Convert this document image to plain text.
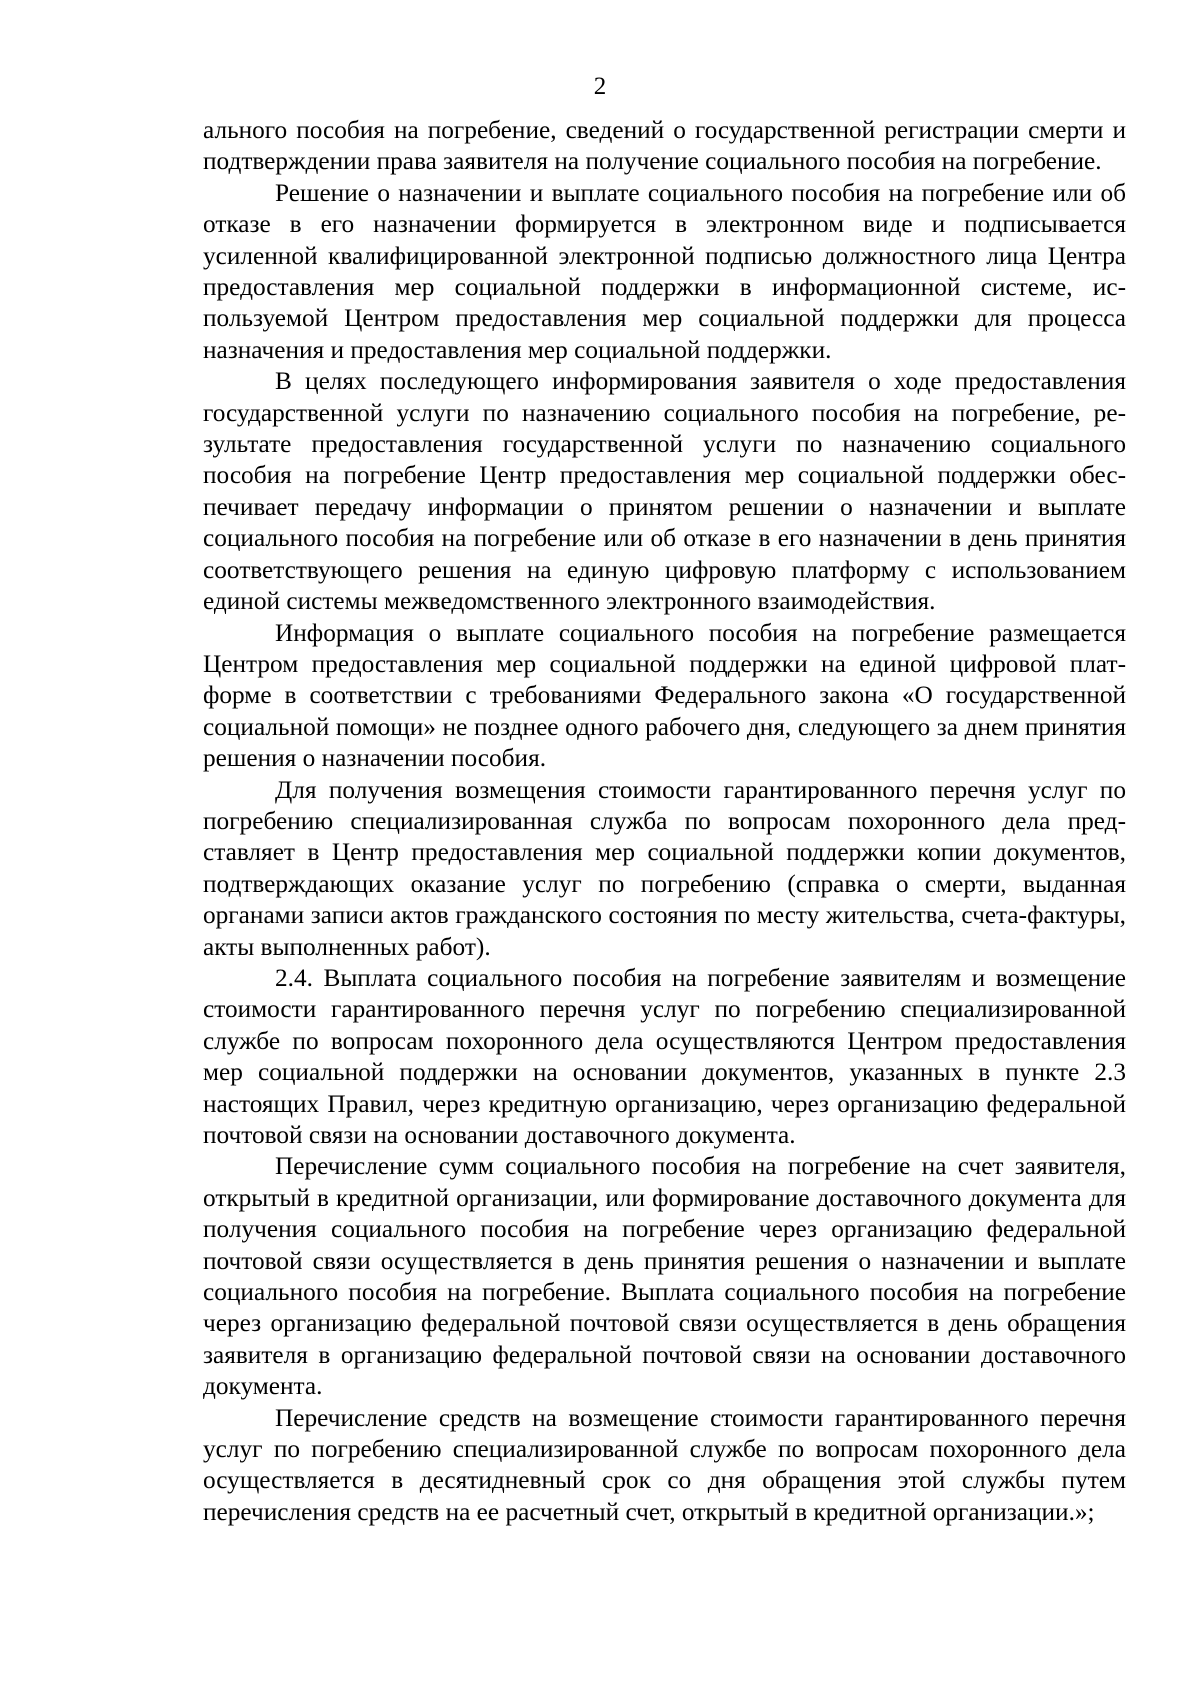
2

ального пособия на погребение, сведений о государственной регистрации смерти и подтверждении права заявителя на получение социального пособия на погребение.

Решение о назначении и выплате социального пособия на погребение или об отказе в его назначении формируется в электронном виде и подписывается усиленной квалифицированной электронной подписью должностного лица Центра предоставления мер социальной поддержки в информационной системе, используемой Центром предоставления мер социальной поддержки для процесса назначения и предоставления мер социальной поддержки.

В целях последующего информирования заявителя о ходе предоставления государственной услуги по назначению социального пособия на погребение, результате предоставления государственной услуги по назначению социального пособия на погребение Центр предоставления мер социальной поддержки обеспечивает передачу информации о принятом решении о назначении и выплате социального пособия на погребение или об отказе в его назначении в день принятия соответствующего решения на единую цифровую платформу с использованием единой системы межведомственного электронного взаимодействия.

Информация о выплате социального пособия на погребение размещается Центром предоставления мер социальной поддержки на единой цифровой платформе в соответствии с требованиями Федерального закона «О государственной социальной помощи» не позднее одного рабочего дня, следующего за днем принятия решения о назначении пособия.

Для получения возмещения стоимости гарантированного перечня услуг по погребению специализированная служба по вопросам похоронного дела представляет в Центр предоставления мер социальной поддержки копии документов, подтверждающих оказание услуг по погребению (справка о смерти, выданная органами записи актов гражданского состояния по месту жительства, счета-фактуры, акты выполненных работ).

2.4. Выплата социального пособия на погребение заявителям и возмещение стоимости гарантированного перечня услуг по погребению специализированной службе по вопросам похоронного дела осуществляются Центром предоставления мер социальной поддержки на основании документов, указанных в пункте 2.3 настоящих Правил, через кредитную организацию, через организацию федеральной почтовой связи на основании доставочного документа.

Перечисление сумм социального пособия на погребение на счет заявителя, открытый в кредитной организации, или формирование доставочного документа для получения социального пособия на погребение через организацию федеральной почтовой связи осуществляется в день принятия решения о назначении и выплате социального пособия на погребение. Выплата социального пособия на погребение через организацию федеральной почтовой связи осуществляется в день обращения заявителя в организацию федеральной почтовой связи на основании доставочного документа.

Перечисление средств на возмещение стоимости гарантированного перечня услуг по погребению специализированной службе по вопросам похоронного дела осуществляется в десятидневный срок со дня обращения этой службы путем перечисления средств на ее расчетный счет, открытый в кредитной организации.»;
